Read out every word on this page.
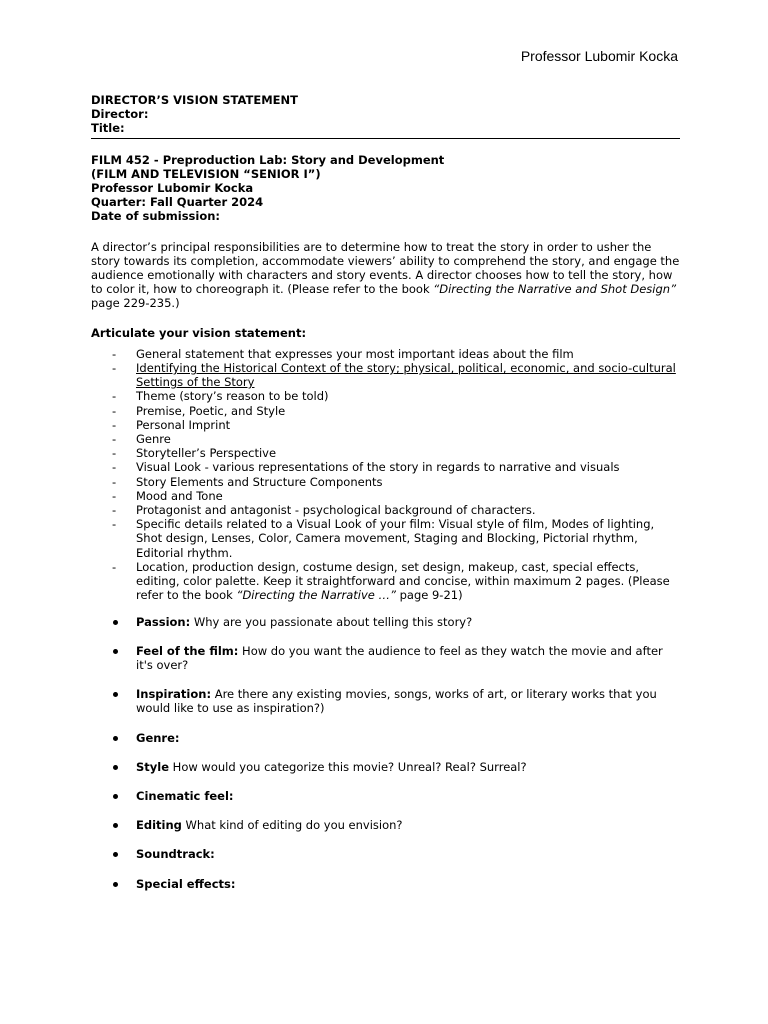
Professor Lubomir Kocka
DIRECTOR’S VISION STATEMENT
Director:
Title:
FILM 452 - Preproduction Lab: Story and Development
(FILM AND TELEVISION “SENIOR I”)
Professor Lubomir Kocka
Quarter: Fall Quarter 2024
Date of submission:

A director’s principal responsibilities are to determine how to treat the story in order to usher the story towards its completion, accommodate viewers’ ability to comprehend the story, and engage the audience emotionally with characters and story events. A director chooses how to tell the story, how to color it, how to choreograph it. (Please refer to the book “Directing the Narrative and Shot Design” page 229-235.)

Articulate your vision statement:

- General statement that expresses your most important ideas about the film
- Identifying the Historical Context of the story; physical, political, economic, and socio-cultural Settings of the Story
- Theme (story’s reason to be told)
- Premise, Poetic, and Style
- Personal Imprint
- Genre
- Storyteller’s Perspective
- Visual Look - various representations of the story in regards to narrative and visuals
- Story Elements and Structure Components
- Mood and Tone
- Protagonist and antagonist - psychological background of characters.
- Specific details related to a Visual Look of your film: Visual style of film, Modes of lighting, Shot design, Lenses, Color, Camera movement, Staging and Blocking, Pictorial rhythm, Editorial rhythm.
- Location, production design, costume design, set design, makeup, cast, special effects, editing, color palette. Keep it straightforward and concise, within maximum 2 pages. (Please refer to the book “Directing the Narrative …” page 9-21)
Passion: Why are you passionate about telling this story?
Feel of the film: How do you want the audience to feel as they watch the movie and after it's over?
Inspiration: Are there any existing movies, songs, works of art, or literary works that you would like to use as inspiration?)
Genre:
Style How would you categorize this movie? Unreal? Real? Surreal?
Cinematic feel:
Editing What kind of editing do you envision?
Soundtrack:
Special effects:
